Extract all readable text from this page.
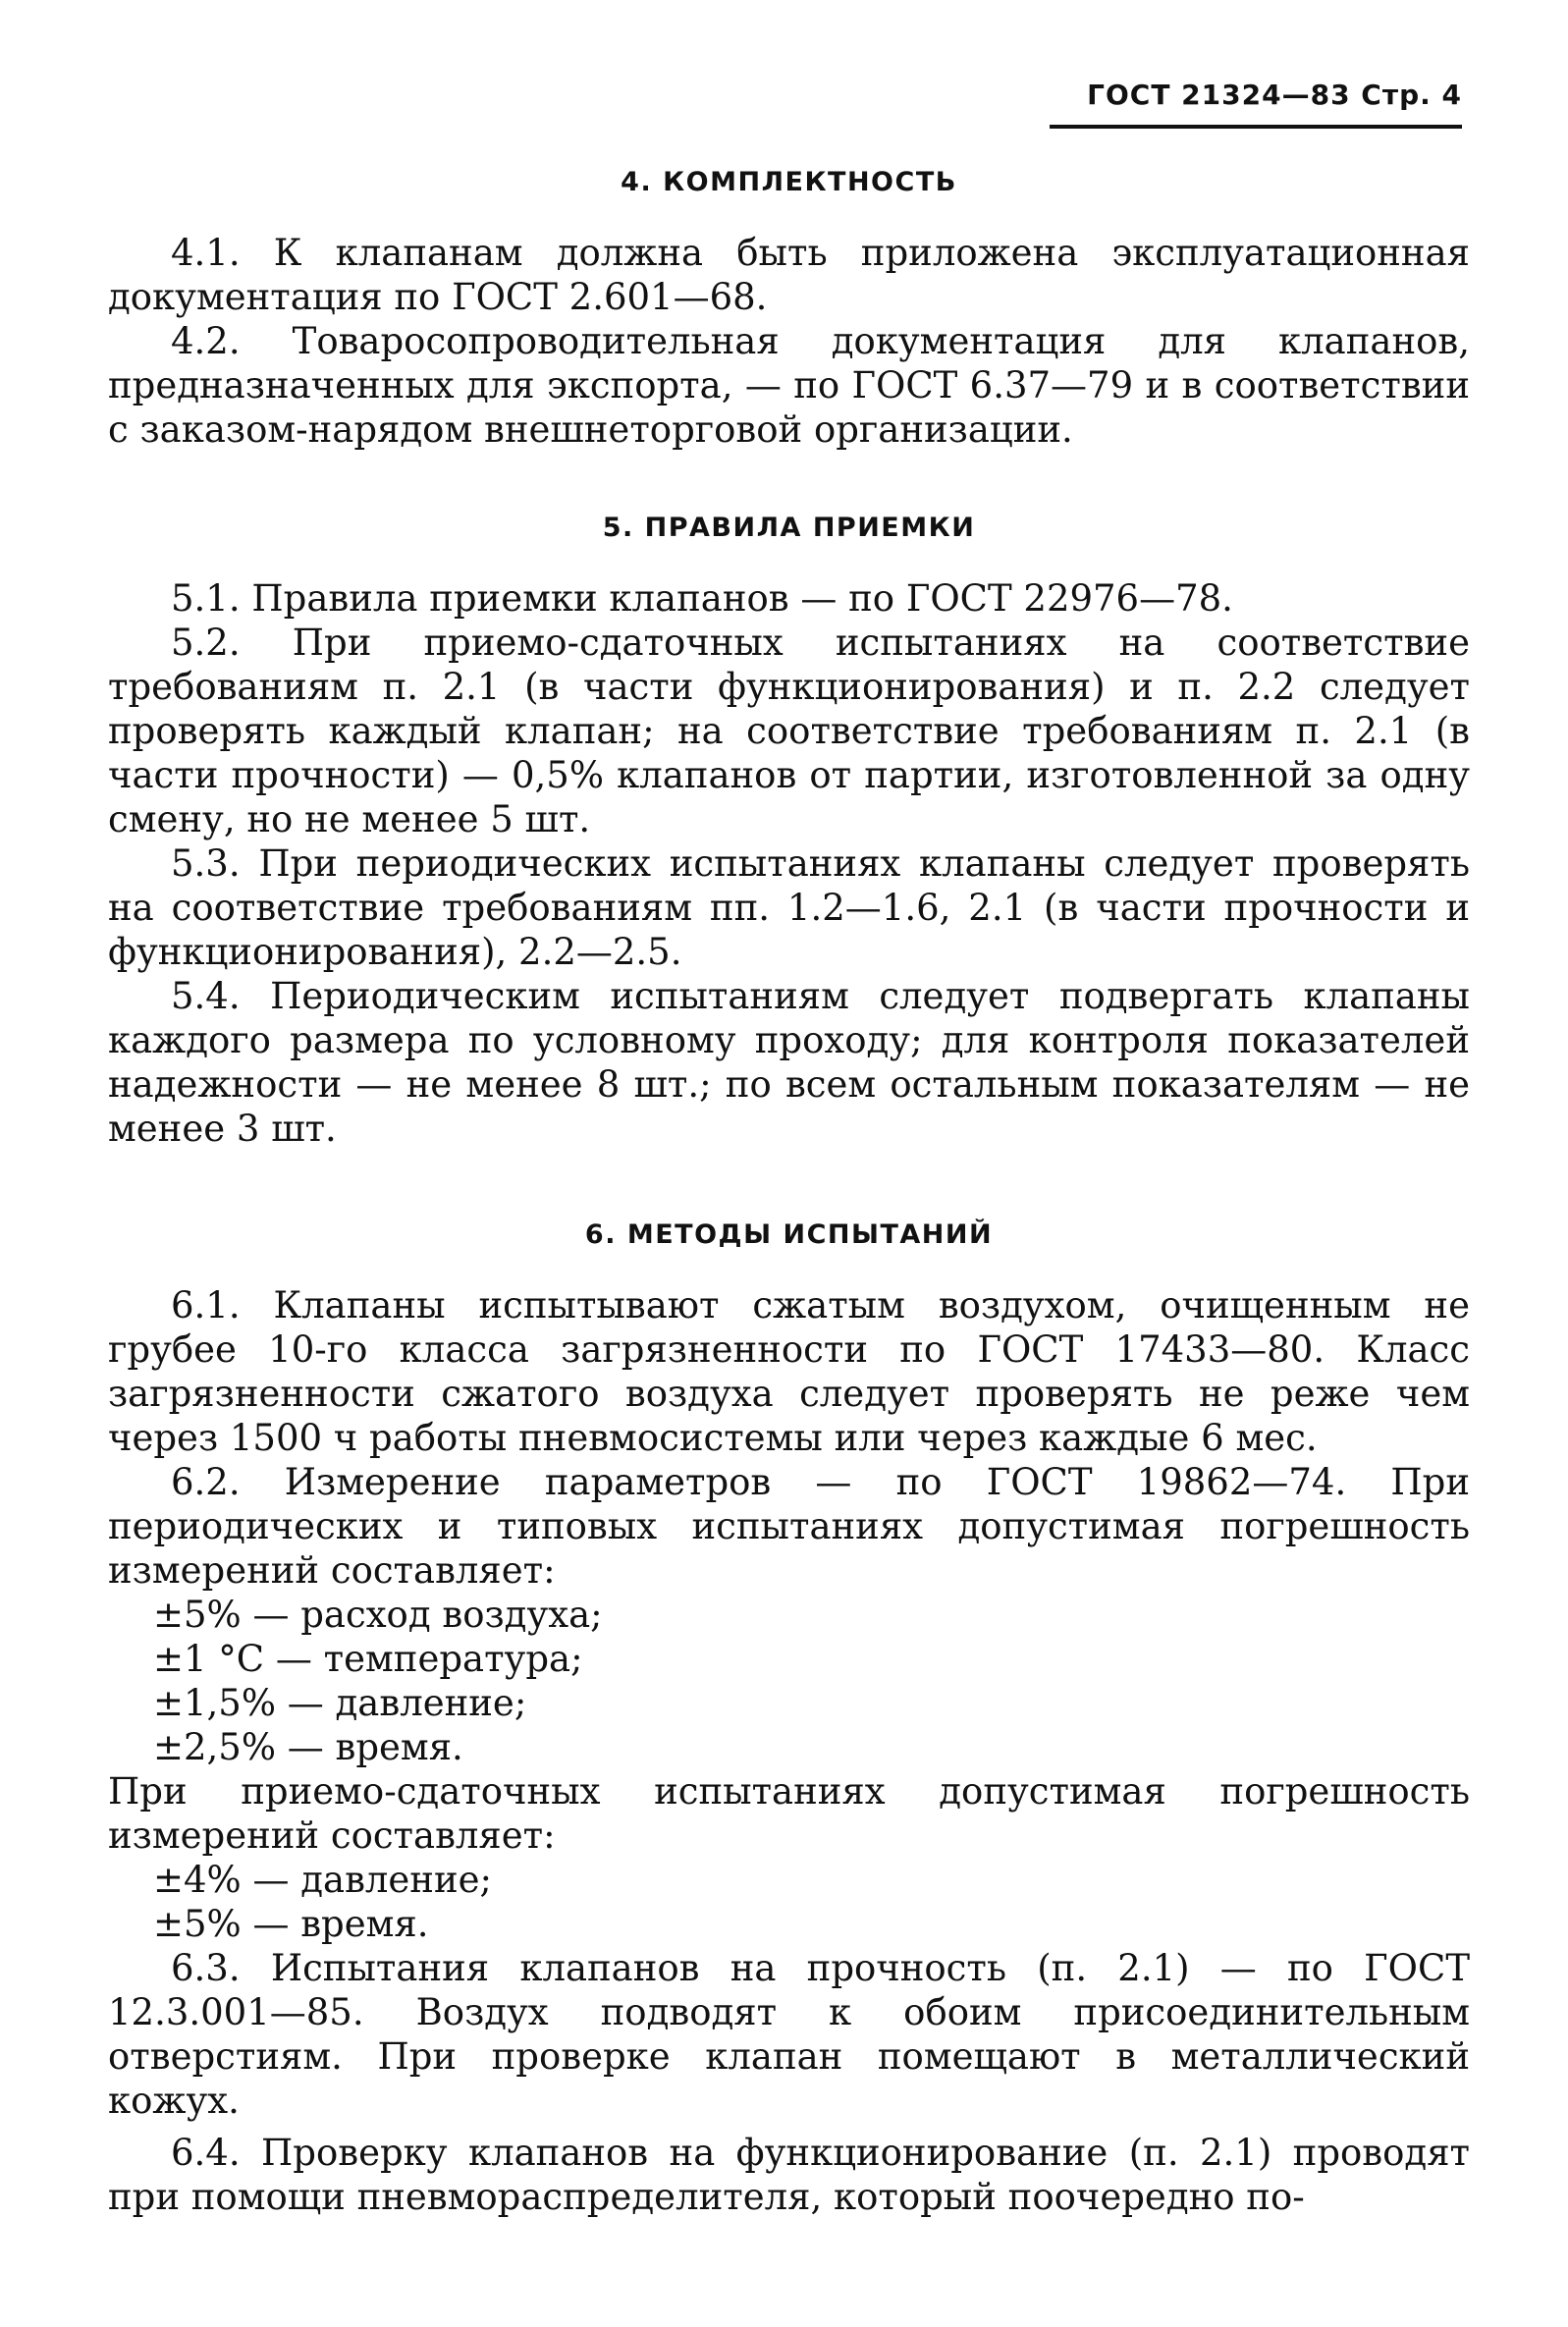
ГОСТ 21324—83 Стр. 4
4. КОМПЛЕКТНОСТЬ

4.1. К клапанам должна быть приложена эксплуатационная документация по ГОСТ 2.601—68.

4.2. Товаросопроводительная документация для клапанов, предназначенных для экспорта, — по ГОСТ 6.37—79 и в соответствии с заказом-нарядом внешнеторговой организации.

5. ПРАВИЛА ПРИЕМКИ

5.1. Правила приемки клапанов — по ГОСТ 22976—78.

5.2. При приемо-сдаточных испытаниях на соответствие требованиям п. 2.1 (в части функционирования) и п. 2.2 следует проверять каждый клапан; на соответствие требованиям п. 2.1 (в части прочности) — 0,5% клапанов от партии, изготовленной за одну смену, но не менее 5 шт.

5.3. При периодических испытаниях клапаны следует проверять на соответствие требованиям пп. 1.2—1.6, 2.1 (в части прочности и функционирования), 2.2—2.5.

5.4. Периодическим испытаниям следует подвергать клапаны каждого размера по условному проходу; для контроля показателей надежности — не менее 8 шт.; по всем остальным показателям — не менее 3 шт.

6. МЕТОДЫ ИСПЫТАНИЙ

6.1. Клапаны испытывают сжатым воздухом, очищенным не грубее 10-го класса загрязненности по ГОСТ 17433—80. Класс загрязненности сжатого воздуха следует проверять не реже чем через 1500 ч работы пневмосистемы или через каждые 6 мес.

6.2. Измерение параметров — по ГОСТ 19862—74. При периодических и типовых испытаниях допустимая погрешность измерений составляет:

±5% — расход воздуха;

±1 °C — температура;

±1,5% — давление;

±2,5% — время.

При приемо-сдаточных испытаниях допустимая погрешность измерений составляет:

±4% — давление;

±5% — время.

6.3. Испытания клапанов на прочность (п. 2.1) — по ГОСТ 12.3.001—85. Воздух подводят к обоим присоединительным отверстиям. При проверке клапан помещают в металлический кожух.

6.4. Проверку клапанов на функционирование (п. 2.1) проводят при помощи пневмораспределителя, который поочередно по-
